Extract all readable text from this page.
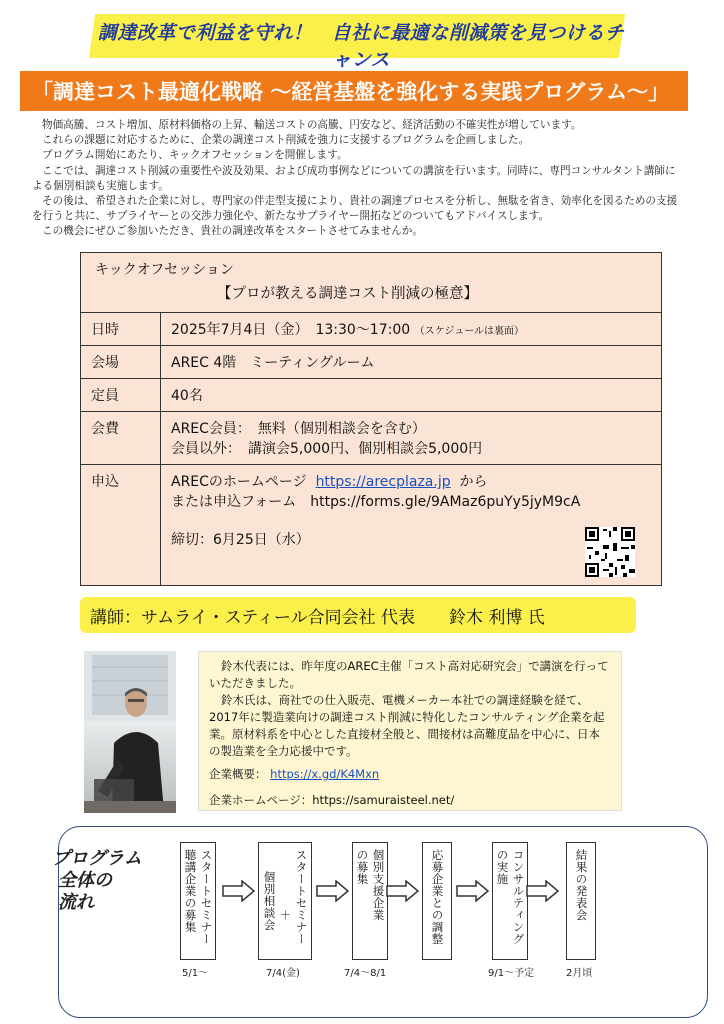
調達改革で利益を守れ！　自社に最適な削減策を見つけるチャンス
「調達コスト最適化戦略 ～経営基盤を強化する実践プログラム～」

物価高騰、コスト増加、原材料価格の上昇、輸送コストの高騰、円安など、経済活動の不確実性が増しています。

これらの課題に対応するために、企業の調達コスト削減を強力に支援するプログラムを企画しました。

プログラム開始にあたり、キックオフセッションを開催します。

ここでは、調達コスト削減の重要性や波及効果、および成功事例などについての講演を行います。同時に、専門コンサルタント講師による個別相談も実施します。

その後は、希望された企業に対し、専門家の伴走型支援により、貴社の調達プロセスを分析し、無駄を省き、効率化を図るための支援を行うと共に、サプライヤーとの交渉力強化や、新たなサプライヤー開拓などのついてもアドバイスします。

この機会にぜひご参加いただき、貴社の調達改革をスタートさせてみませんか。

キックオフセッション
【プロが教える調達コスト削減の極意】
日時	2025年7月4日（金）　13:30〜17:00 （スケジュールは裏面）
会場	AREC 4階　ミーティングルーム
定員	40名
会費	AREC会員：　無料（個別相談会を含む）
会員以外：　講演会5,000円、個別相談会5,000円
申込	ARECのホームページ https://arecplaza.jp から
または申込フォーム　https://forms.gle/9AMaz6puYy5jyM9cA
締切：6月25日（水）
講師：サムライ・スティール合同会社 代表　　鈴木 利博 氏

鈴木代表には、昨年度のAREC主催「コスト高対応研究会」で講演を行っていただきました。

鈴木氏は、商社での仕入販売、電機メーカー本社での調達経験を経て、2017年に製造業向けの調達コスト削減に特化したコンサルティング企業を起業。原材料系を中心とした直接材全般と、間接材は高難度品を中心に、日本の製造業を全力応援中です。

企業概要： https://x.gd/K4Mxn
企業ホームページ：https://samuraisteel.net/
プログラム
全体の
流れ	スタートセミナー
聴講企業の募集
5/1〜
スタートセミナー
＋
個別相談会
7/4(金)
個別支援企業
の募集
7/4〜8/1
応募企業との調整	コンサルティング
の実施
9/1〜予定
結果の発表会
2月頃
